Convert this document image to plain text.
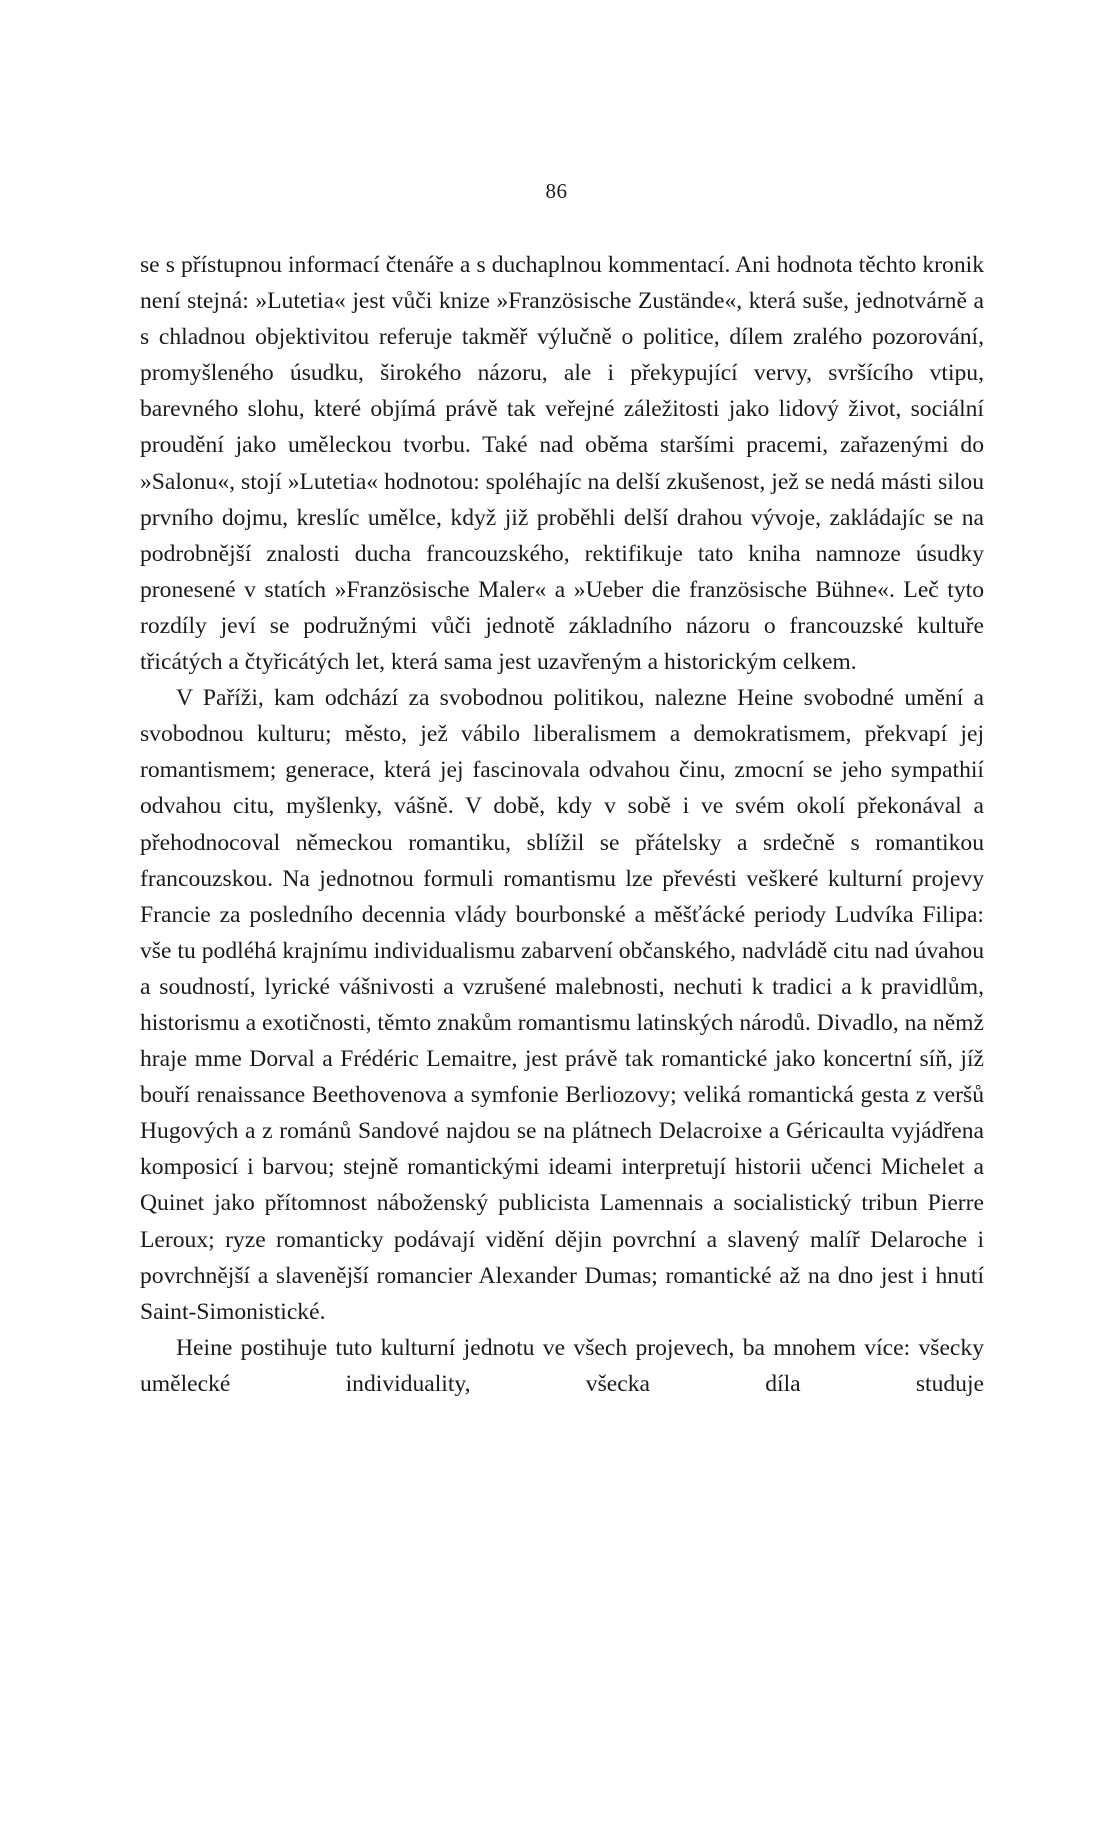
86

se s přístupnou informací čtenáře a s duchaplnou kommentací. Ani hodnota těchto kronik není stejná: »Lutetia« jest vůči knize »Französische Zustände«, která suše, jednotvárně a s chladnou objektivitou referuje takměř výlučně o politice, dílem zralého pozorování, promyšleného úsudku, širokého názoru, ale i překypující vervy, svršícího vtipu, barevného slohu, které objímá právě tak veřejné záležitosti jako lidový život, sociální proudění jako uměleckou tvorbu. Také nad oběma staršími pracemi, zařazenými do »Salonu«, stojí »Lutetia« hodnotou: spoléhajíc na delší zkušenost, jež se nedá másti silou prvního dojmu, kreslíc umělce, když již proběhli delší drahou vývoje, zakládajíc se na podrobnější znalosti ducha francouzského, rektifikuje tato kniha namnoze úsudky pronesené v statích »Französische Maler« a »Ueber die französische Bühne«. Leč tyto rozdíly jeví se podružnými vůči jednotě základního názoru o francouzské kultuře třicátých a čtyřicátých let, která sama jest uzavřeným a historickým celkem.

V Paříži, kam odchází za svobodnou politikou, nalezne Heine svobodné umění a svobodnou kulturu; město, jež vábilo liberalismem a demokratismem, překvapí jej romantismem; generace, která jej fascinovala odvahou činu, zmocní se jeho sympathií odvahou citu, myšlenky, vášně. V době, kdy v sobě i ve svém okolí překonával a přehodnocoval německou romantiku, sblížil se přátelsky a srdečně s romantikou francouzskou. Na jednotnou formuli romantismu lze převésti veškeré kulturní projevy Francie za posledního decennia vlády bourbonské a měšťácké periody Ludvíka Filipa: vše tu podléhá krajnímu individualismu zabarvení občanského, nadvládě citu nad úvahou a soudností, lyrické vášnivosti a vzrušené malebnosti, nechuti k tradici a k pravidlům, historismu a exotičnosti, těmto znakům romantismu latinských národů. Divadlo, na němž hraje mme Dorval a Frédéric Lemaitre, jest právě tak romantické jako koncertní síň, jíž bouří renaissance Beethovenova a symfonie Berliozovy; veliká romantická gesta z veršů Hugových a z románů Sandové najdou se na plátnech Delacroixe a Géricaulta vyjádřena komposicí i barvou; stejně romantickými ideami interpretují historii učenci Michelet a Quinet jako přítomnost náboženský publicista Lamennais a socialistický tribun Pierre Leroux; ryze romanticky podávají vidění dějin povrchní a slavený malíř Delaroche i povrchnější a slavenější romancier Alexander Dumas; romantické až na dno jest i hnutí Saint-Simonistické.

Heine postihuje tuto kulturní jednotu ve všech projevech, ba mnohem více: všecky umělecké individuality, všecka díla studuje
